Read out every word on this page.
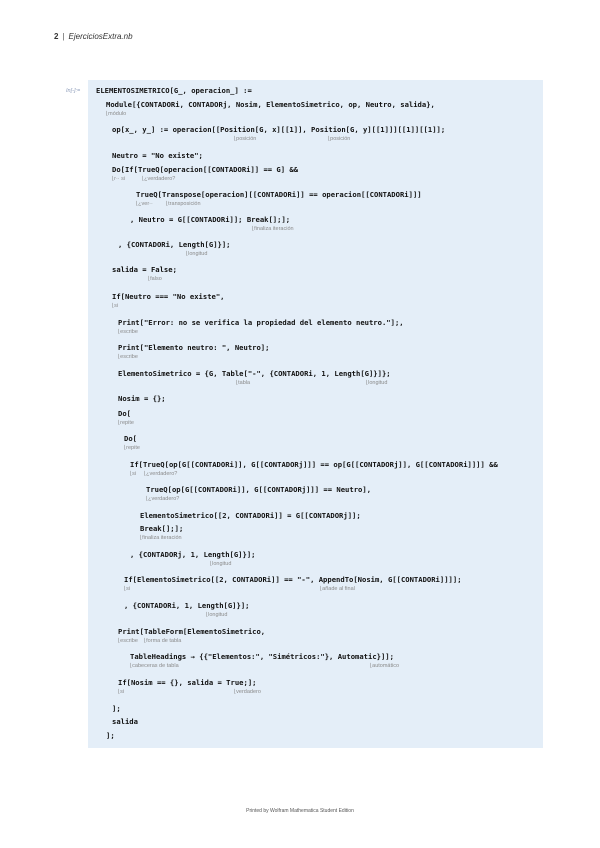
2 | EjerciciosExtra.nb
In[-]:= ELEMENTOSIMETRICO[G_, operacion_] :=
Module[{CONTADORi, CONTADORj, Nosim, ElementoSimetrico, op, Neutro, salida},
⌊módulo
op[x_, y_] := operacion[[Position[G, x][[1]], Position[G, y][[1]]][[1]][[1]];
⌊posición	⌊posición
Neutro = "No existe";
Do[If[TrueQ[operacion[[CONTADORi]] == G] &&
⌊r·· si	⌊¿verdadero?
TrueQ[Transpose[operacion][[CONTADORi]] == operacion[[CONTADORi]]]
⌊¿ver·· ⌊transposición
, Neutro = G[[CONTADORi]]; Break[];];
⌊finaliza iteración
, {CONTADORi, Length[G]}];
⌊longitud
salida = False;
⌊falso
If[Neutro === "No existe",
⌊si
Print["Error: no se verifica la propiedad del elemento neutro."];,
⌊escribe
Print["Elemento neutro: ", Neutro];
⌊escribe
ElementoSimetrico = {G, Table["-", {CONTADORi, 1, Length[G]}]};
⌊tabla	⌊longitud
Nosim = {};
Do[
⌊repite
Do[
⌊repite
If[TrueQ[op[G[[CONTADORi]], G[[CONTADORj]]] == op[G[[CONTADORj]], G[[CONTADORi]]]] &&
⌊si ⌊¿verdadero?
TrueQ[op[G[[CONTADORi]], G[[CONTADORj]]] == Neutro],
⌊¿verdadero?
ElementoSimetrico[[2, CONTADORi]] = G[[CONTADORj]];
Break[];];
⌊finaliza iteración
, {CONTADORj, 1, Length[G]}];
⌊longitud
If[ElementoSimetrico[[2, CONTADORi]] == "-", AppendTo[Nosim, G[[CONTADORi]]]];
⌊si	⌊añade al final
, {CONTADORi, 1, Length[G]}];
⌊longitud
Print[TableForm[ElementoSimetrico,
⌊escribe ⌊forma de tabla
TableHeadings → {{"Elementos:", "Simétricos:"}, Automatic}]];
⌊cabeceras de tabla	⌊automático
If[Nosim == {}, salida = True;];
⌊si	⌊verdadero
];
salida
];
Printed by Wolfram Mathematica Student Edition
